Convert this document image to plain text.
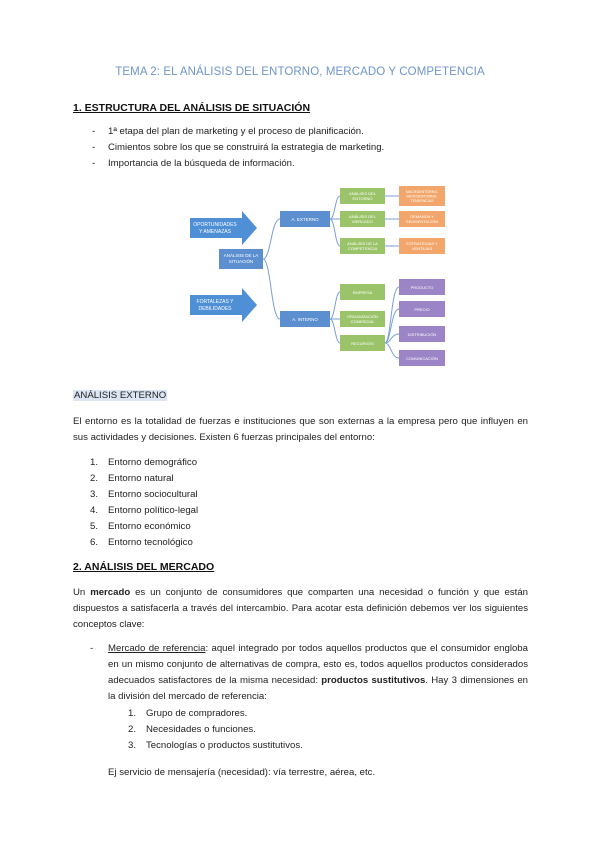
TEMA 2: EL ANÁLISIS DEL ENTORNO, MERCADO Y COMPETENCIA
1. ESTRUCTURA DEL ANÁLISIS DE SITUACIÓN
- 1ª etapa del plan de marketing y el proceso de planificación.
- Cimientos sobre los que se construirá la estrategia de marketing.
- Importancia de la búsqueda de información.
OPORTUNIDADES
Y AMENAZAS
FORTALEZAS Y
DEBILIDADES
ANÁLISIS DE LA
SITUACIÓN
A. EXTERNO
A. INTERNO
ANÁLISIS DEL
ENTORNO
ANÁLISIS DEL
MERCADO
ANÁLISIS DE LA
COMPETENCIA
MACROENTORNO,
MICROENTORNO,
TENDENCIAS
DEMANDA Y
SEGMENTACIÓN
ESTRATEGIAS Y
VENTAJAS
EMPRESA
ORGANIZACIÓN
COMERCIAL
RECURSOS
PRODUCTO
PRECIO
DISTRIBUCIÓN
COMUNICACIÓN
ANÁLISIS EXTERNO
El entorno es la totalidad de fuerzas e instituciones que son externas a la empresa pero que influyen en sus actividades y decisiones. Existen 6 fuerzas principales del entorno:
1. Entorno demográfico
2. Entorno natural
3. Entorno sociocultural
4. Entorno político-legal
5. Entorno económico
6. Entorno tecnológico
2. ANÁLISIS DEL MERCADO
Un mercado es un conjunto de consumidores que comparten una necesidad o función y que están dispuestos a satisfacerla a través del intercambio. Para acotar esta definición debemos ver los siguientes conceptos clave:
- Mercado de referencia: aquel integrado por todos aquellos productos que el consumidor engloba en un mismo conjunto de alternativas de compra, esto es, todos aquellos productos considerados adecuados satisfactores de la misma necesidad: productos sustitutivos. Hay 3 dimensiones en la división del mercado de referencia:
1. Grupo de compradores.
2. Necesidades o funciones.
3. Tecnologías o productos sustitutivos.
Ej servicio de mensajería (necesidad): vía terrestre, aérea, etc.
